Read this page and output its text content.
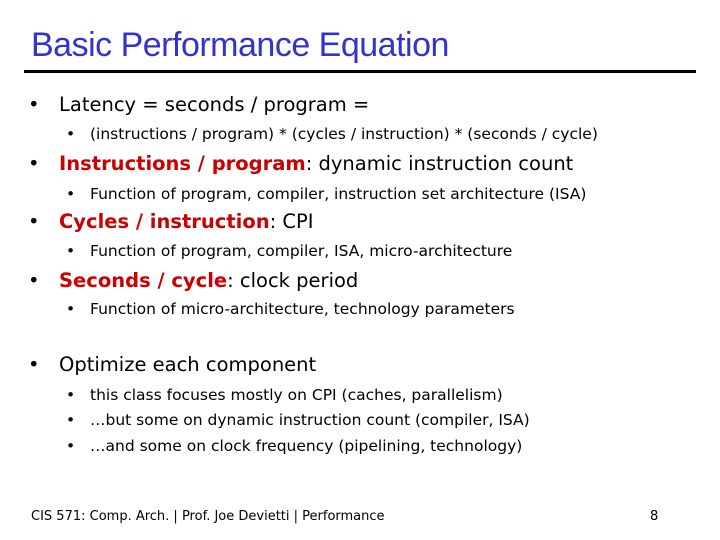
Basic Performance Equation
• Latency = seconds / program =
• (instructions / program) * (cycles / instruction) * (seconds / cycle)
• Instructions / program: dynamic instruction count
• Function of program, compiler, instruction set architecture (ISA)
• Cycles / instruction: CPI
• Function of program, compiler, ISA, micro-architecture
• Seconds / cycle: clock period
• Function of micro-architecture, technology parameters
• Optimize each component
• this class focuses mostly on CPI (caches, parallelism)
• …but some on dynamic instruction count (compiler, ISA)
• …and some on clock frequency (pipelining, technology)
CIS 571: Comp. Arch. | Prof. Joe Devietti | Performance	8
